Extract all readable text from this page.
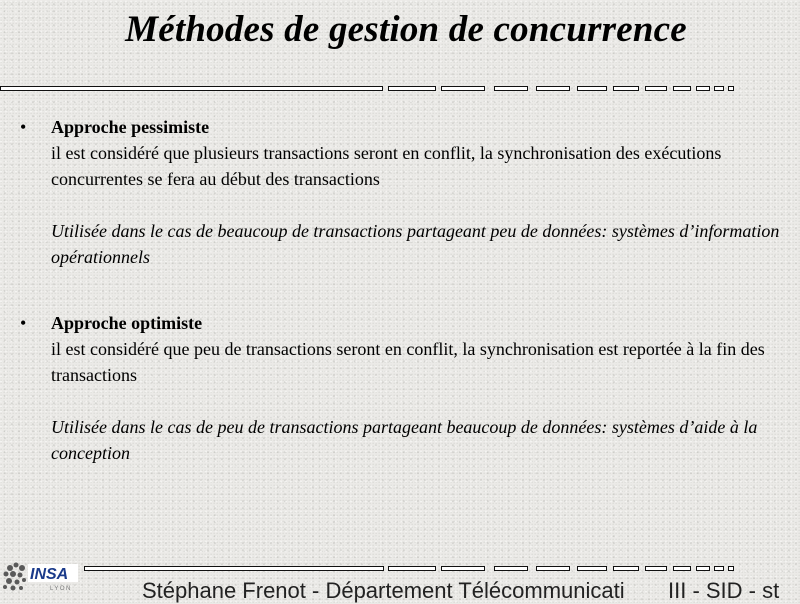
Méthodes de gestion de concurrence
• Approche pessimiste
il est considéré que plusieurs transactions seront en conflit, la synchronisation des exécutions concurrentes se fera au début des transactions
Utilisée dans le cas de beaucoup de transactions partageant peu de données: systèmes d’information opérationnels
• Approche optimiste
il est considéré que peu de transactions seront en conflit, la synchronisation est reportée à la fin des transactions
Utilisée dans le cas de peu de transactions partageant beaucoup de données: systèmes d’aide à la conception
INSA
LYON	Stéphane Frenot - Département Télécommunicati III - SID - st
